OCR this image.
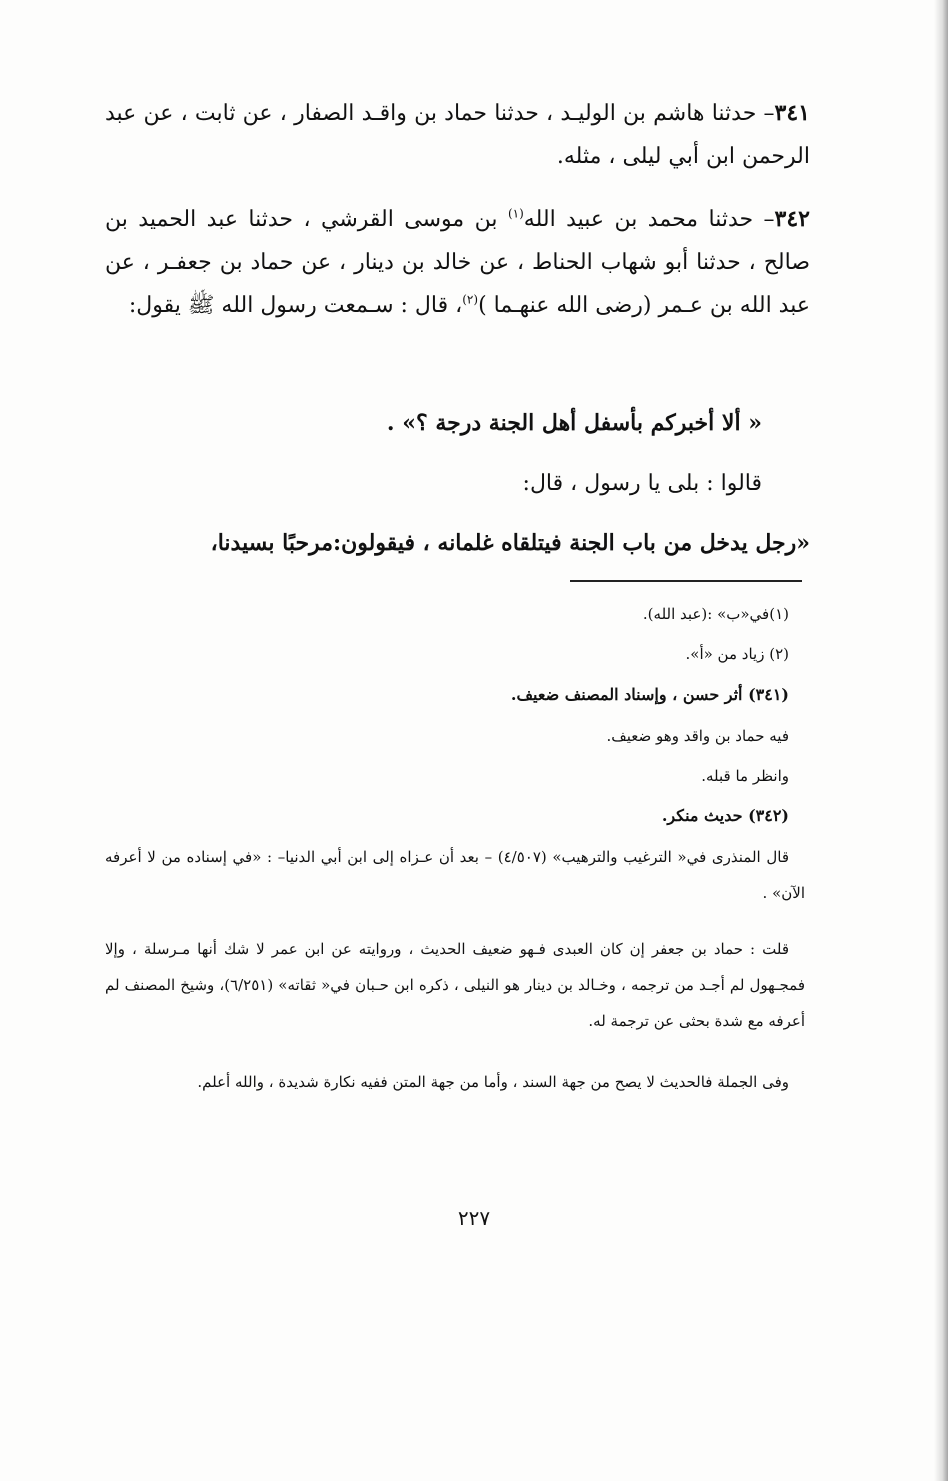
٣٤١– حدثنا هاشم بن الوليـد ، حدثنا حماد بن واقـد الصفار ، عن ثابت ، عن عبد الرحمن ابن أبي ليلى ، مثله.

٣٤٢– حدثنا محمد بن عبيد الله$^{(١)}$ بن موسى القرشي ، حدثنا عبد الحميد بن صالح ، حدثنا أبو شهاب الحناط ، عن خالد بن دينار ، عن حماد بن جعفـر ، عن عبد الله بن عـمر (رضى الله عنهـما )$^{(٢)}$، قال : سـمعت رسول الله ﷺ يقول:

« ألا أخبركم بأسفل أهل الجنة درجة ؟» .

قالوا : بلى يا رسول ، قال:

«رجل يدخل من باب الجنة فيتلقاه غلمانه ، فيقولون:مرحبًا بسيدنا،

(١)في«ب» :(عبد الله).

(٢) زياد من «أ».

(٣٤١) أثر حسن ، وإسناد المصنف ضعيف.

فيه حماد بن واقد وهو ضعيف.

وانظر ما قبله.

(٣٤٢) حديث منكر.

قال المنذرى في« الترغيب والترهيب» (٤/٥٠٧) – بعد أن عـزاه إلى ابن أبي الدنيا– : «في إسناده من لا أعرفه الآن» .

قلت : حماد بن جعفر إن كان العبدى فـهو ضعيف الحديث ، وروايته عن ابن عمر لا شك أنها مـرسلة ، وإلا فمجـهول لم أجـد من ترجمه ، وخـالد بن دينار هو النيلى ، ذكره ابن حـبان في« ثقاته» (٦/٢٥١)، وشيخ المصنف لم أعرفه مع شدة بحثى عن ترجمة له.

وفى الجملة فالحديث لا يصح من جهة السند ، وأما من جهة المتن ففيه نكارة شديدة ، والله أعلم.

٢٢٧
